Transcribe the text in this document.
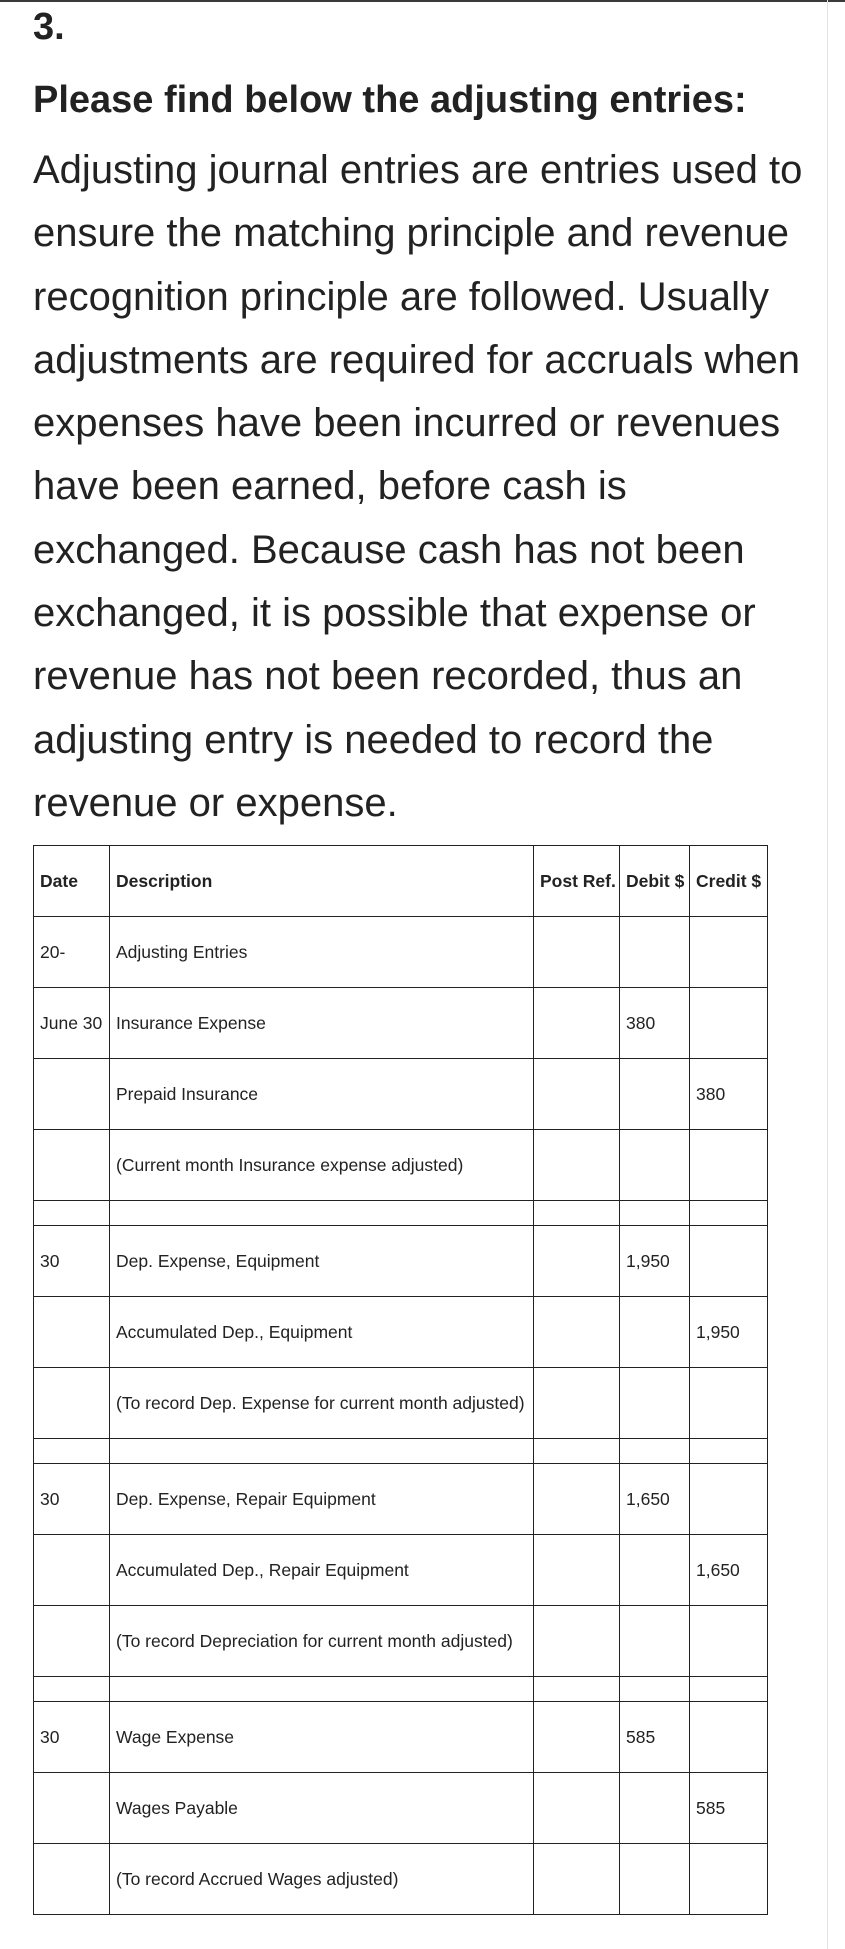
3.
Please find below the adjusting entries:
Adjusting journal entries are entries used to ensure the matching principle and revenue recognition principle are followed. Usually adjustments are required for accruals when expenses have been incurred or revenues have been earned, before cash is exchanged. Because cash has not been exchanged, it is possible that expense or revenue has not been recorded, thus an adjusting entry is needed to record the revenue or expense.
Date	Description	Post Ref.	Debit $	Credit $
20-	Adjusting Entries			
June 30	Insurance Expense		380	
	Prepaid Insurance			380
	(Current month Insurance expense adjusted)			

30	Dep. Expense, Equipment		1,950	
	Accumulated Dep., Equipment			1,950
	(To record Dep. Expense for current month adjusted)			

30	Dep. Expense, Repair Equipment		1,650	
	Accumulated Dep., Repair Equipment			1,650
	(To record Depreciation for current month adjusted)			

30	Wage Expense		585	
	Wages Payable			585
	(To record Accrued Wages adjusted)			
